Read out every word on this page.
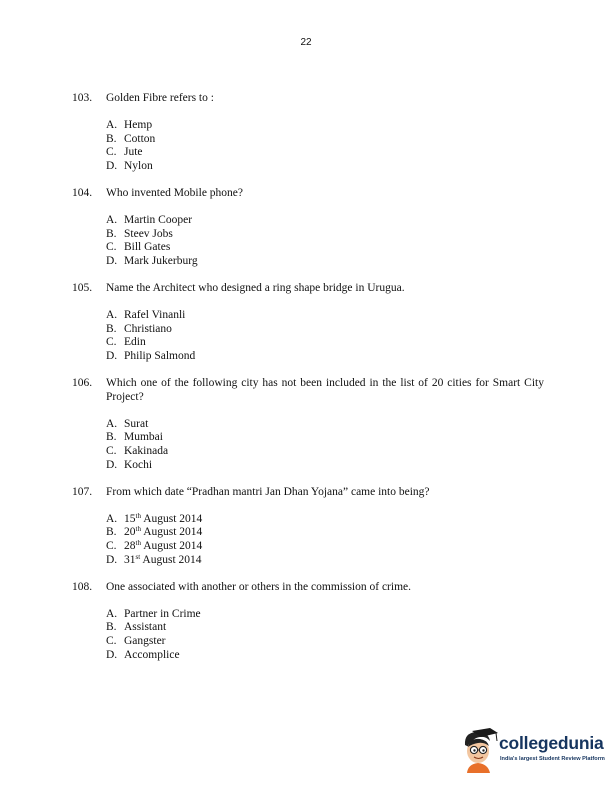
22
103. Golden Fibre refers to :
A. Hemp
B. Cotton
C. Jute
D. Nylon
104. Who invented Mobile phone?
A. Martin Cooper
B. Steev Jobs
C. Bill Gates
D. Mark Jukerburg
105. Name the Architect who designed a ring shape bridge in Urugua.
A. Rafel Vinanli
B. Christiano
C. Edin
D. Philip Salmond
106. Which one of the following city has not been included in the list of 20 cities for Smart City Project?
A. Surat
B. Mumbai
C. Kakinada
D. Kochi
107. From which date “Pradhan mantri Jan Dhan Yojana” came into being?
A. 15th August 2014
B. 20th August 2014
C. 28th August 2014
D. 31st August 2014
108. One associated with another or others in the commission of crime.
A. Partner in Crime
B. Assistant
C. Gangster
D. Accomplice
collegedunia
India's largest Student Review Platform
